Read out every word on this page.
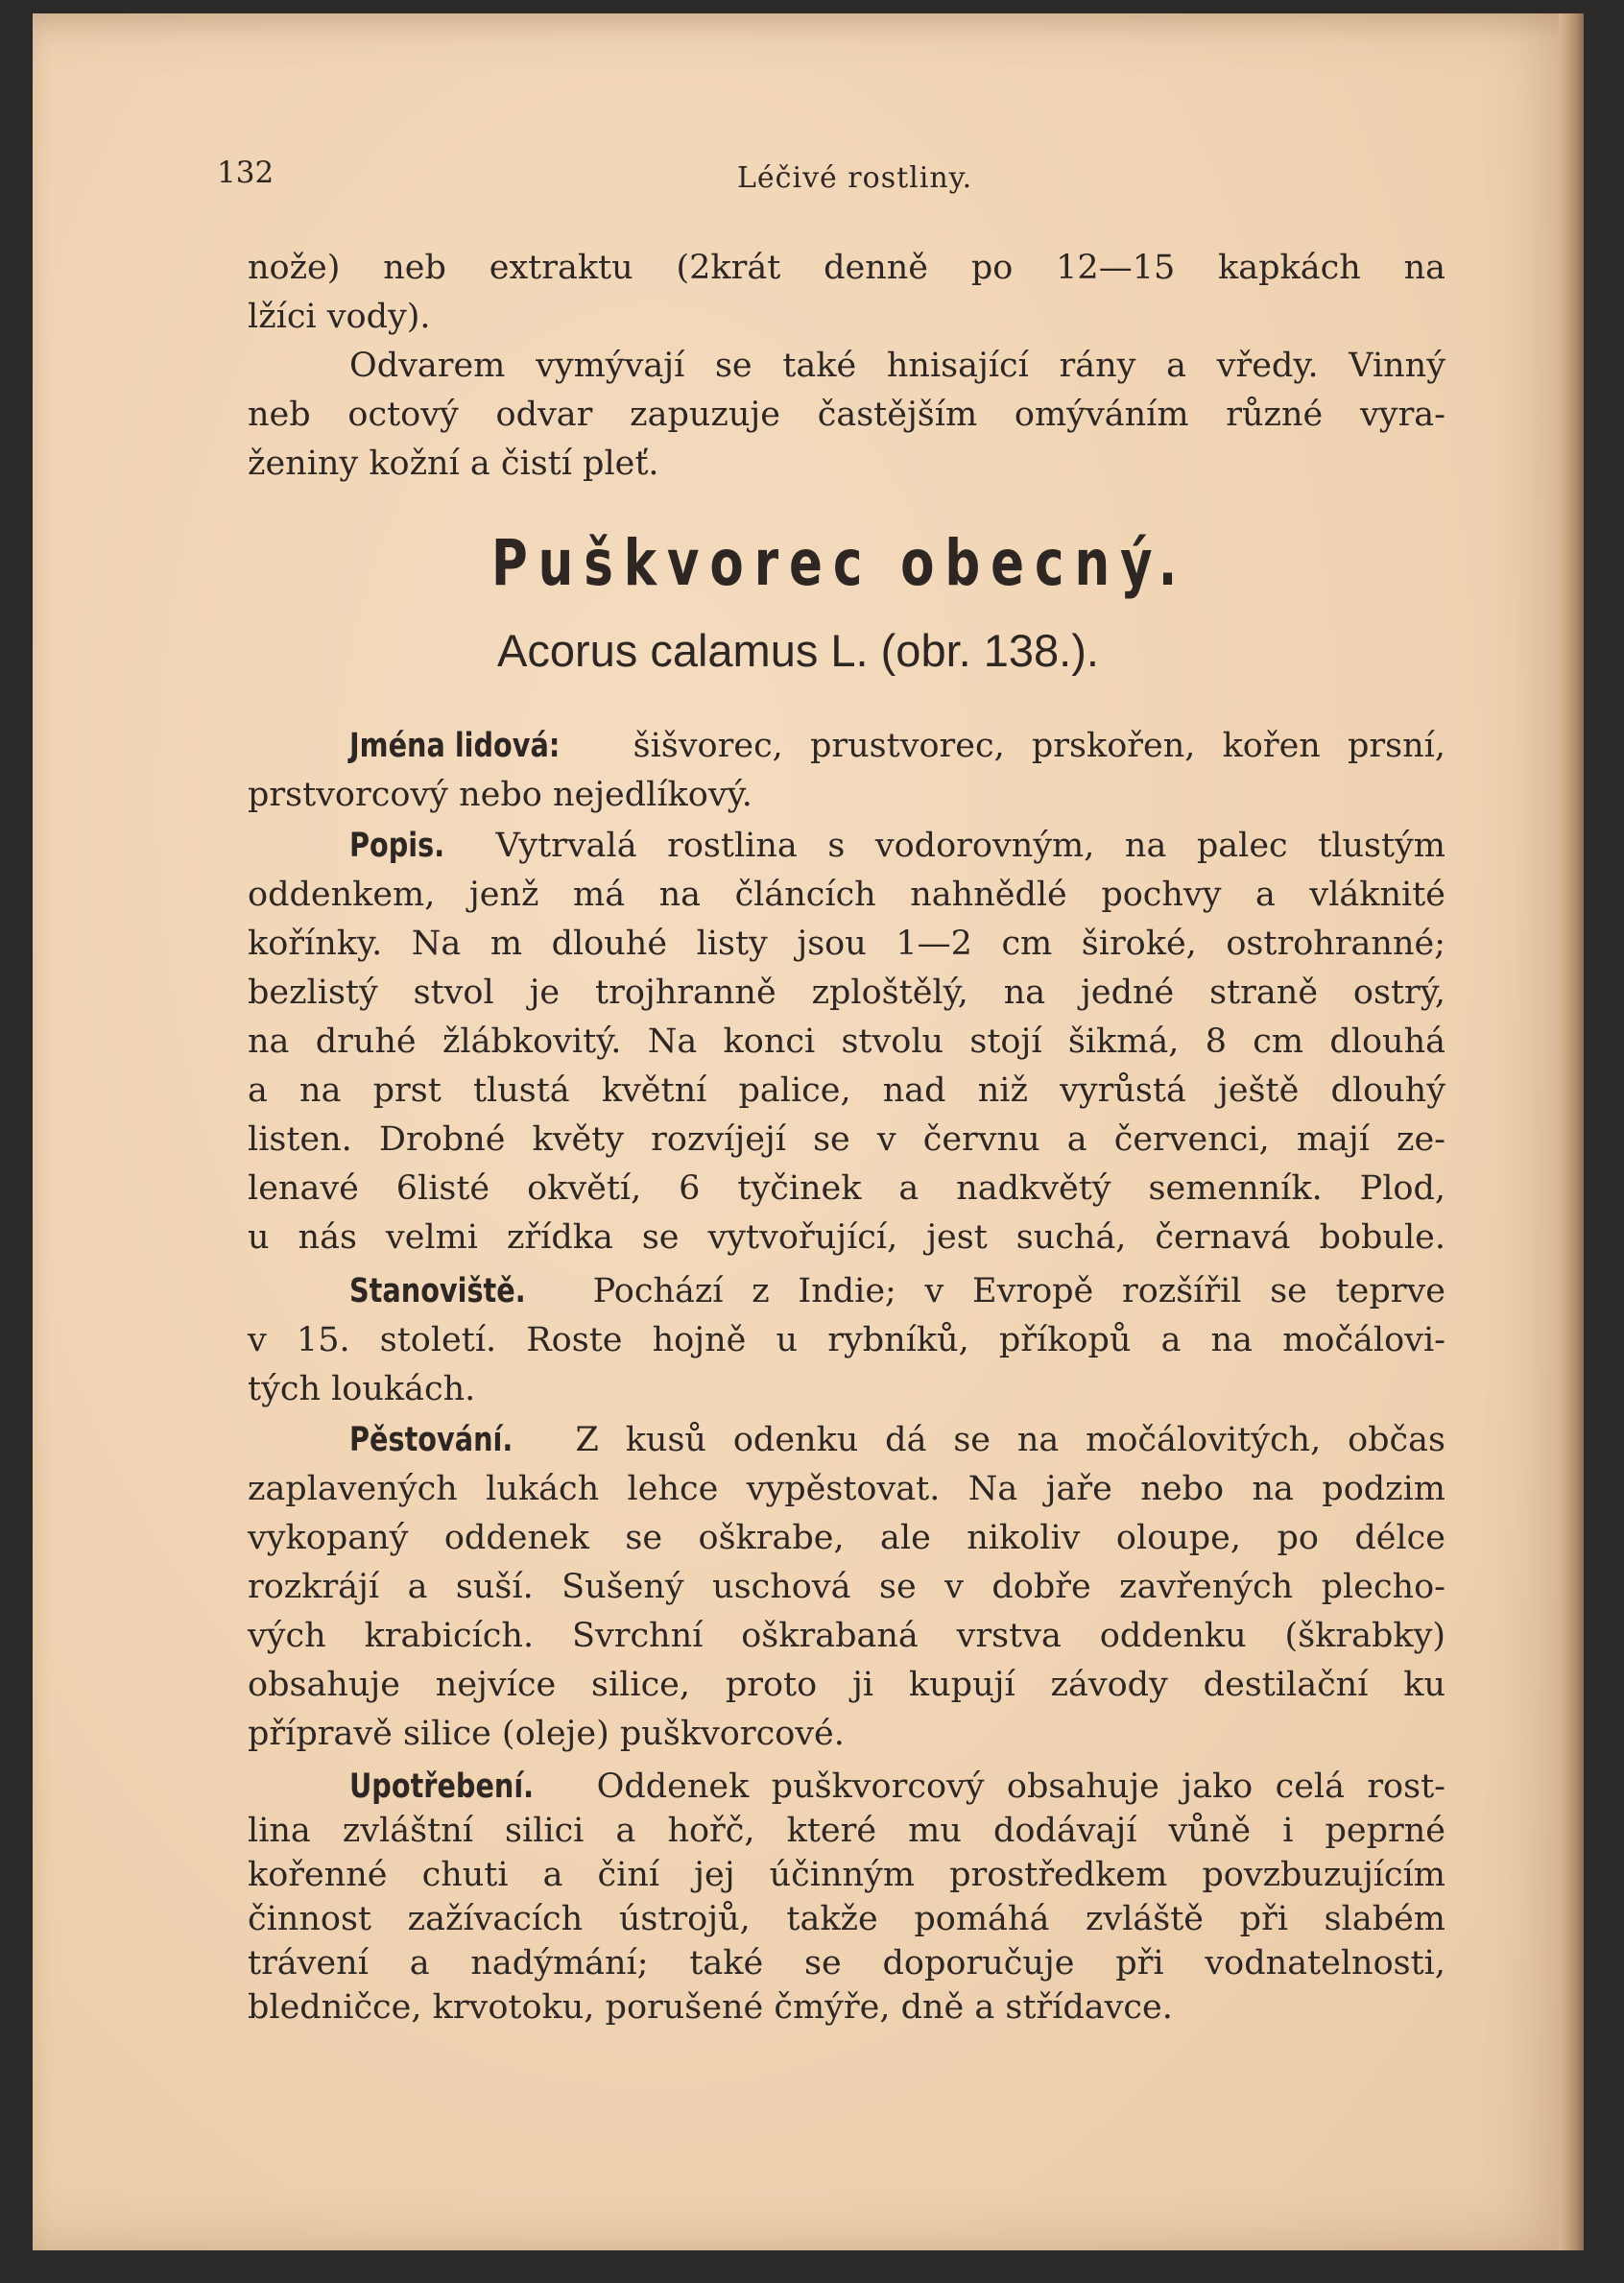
132	Léčivé rostliny.
nože) neb extraktu (2krát denně po 12—15 kapkách na
lžíci vody).
Odvarem vymývají se také hnisající rány a vředy. Vinný
neb octový odvar zapuzuje častějším omýváním různé vyra-
ženiny kožní a čistí pleť.
Puškvorec obecný.
Acorus calamus L. (obr. 138.).
Jména lidová: šišvorec, prustvorec, prskořen, kořen prsní,
prstvorcový nebo nejedlíkový.
Popis. Vytrvalá rostlina s vodorovným, na palec tlustým
oddenkem, jenž má na článcích nahnědlé pochvy a vláknité
kořínky. Na m dlouhé listy jsou 1—2 cm široké, ostrohranné;
bezlistý stvol je trojhranně zploštělý, na jedné straně ostrý,
na druhé žlábkovitý. Na konci stvolu stojí šikmá, 8 cm dlouhá
a na prst tlustá květní palice, nad niž vyrůstá ještě dlouhý
listen. Drobné květy rozvíjejí se v červnu a červenci, mají ze-
lenavé 6listé okvětí, 6 tyčinek a nadkvětý semenník. Plod,
u nás velmi zřídka se vytvořující, jest suchá, černavá bobule.
Stanoviště. Pochází z Indie; v Evropě rozšířil se teprve
v 15. století. Roste hojně u rybníků, příkopů a na močálovi-
tých loukách.
Pěstování. Z kusů odenku dá se na močálovitých, občas
zaplavených lukách lehce vypěstovat. Na jaře nebo na podzim
vykopaný oddenek se oškrabe, ale nikoliv oloupe, po délce
rozkrájí a suší. Sušený uschová se v dobře zavřených plecho-
vých krabicích. Svrchní oškrabaná vrstva oddenku (škrabky)
obsahuje nejvíce silice, proto ji kupují závody destilační ku
přípravě silice (oleje) puškvorcové.
Upotřebení. Oddenek puškvorcový obsahuje jako celá rost-
lina zvláštní silici a hořč, které mu dodávají vůně i peprné
kořenné chuti a činí jej účinným prostředkem povzbuzujícím
činnost zažívacích ústrojů, takže pomáhá zvláště při slabém
trávení a nadýmání; také se doporučuje při vodnatelnosti,
bledničce, krvotoku, porušené čmýře, dně a střídavce.
